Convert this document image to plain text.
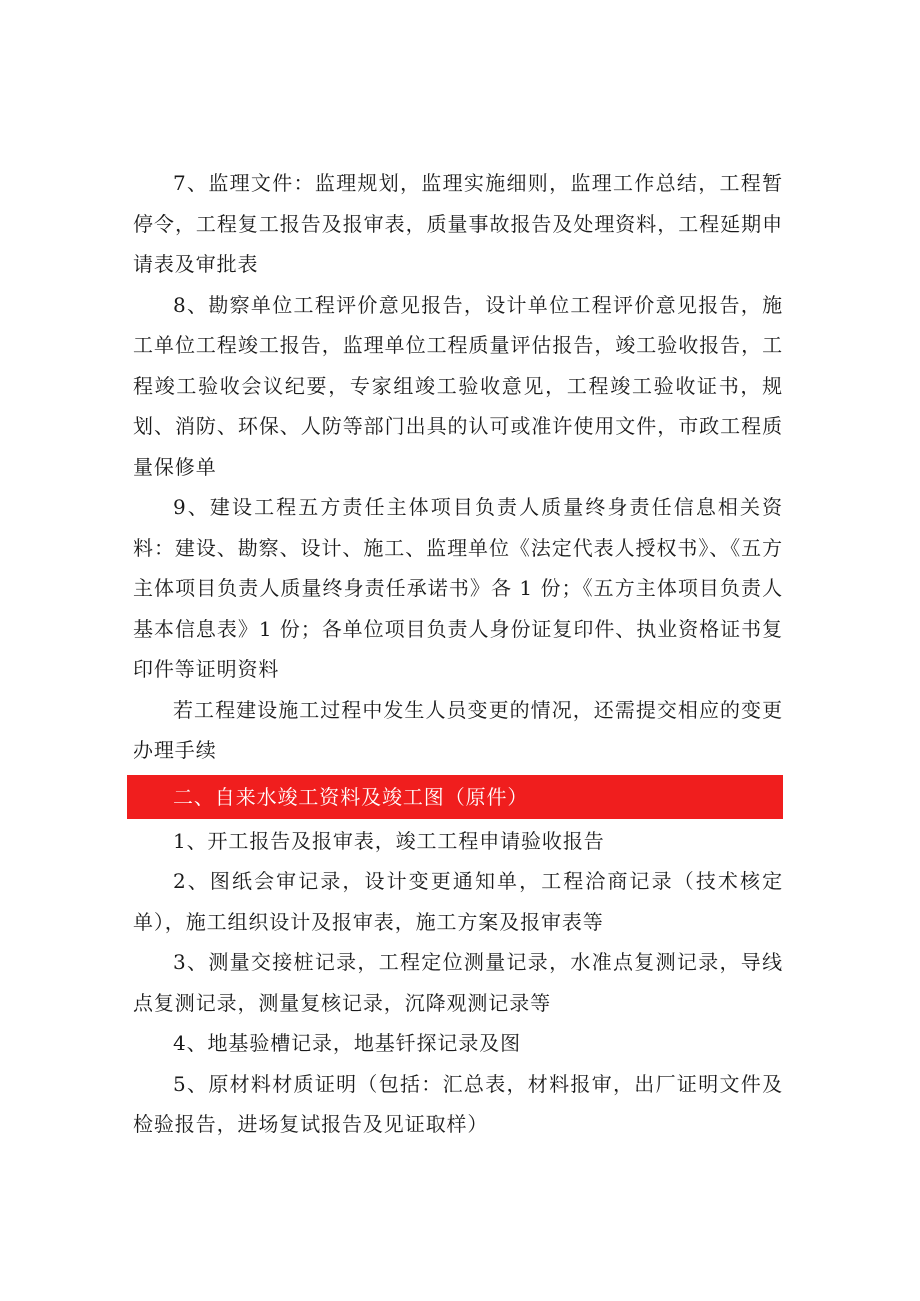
7、监理文件：监理规划，监理实施细则，监理工作总结，工程暂停令，工程复工报告及报审表，质量事故报告及处理资料，工程延期申请表及审批表

8、勘察单位工程评价意见报告，设计单位工程评价意见报告，施工单位工程竣工报告，监理单位工程质量评估报告，竣工验收报告，工程竣工验收会议纪要，专家组竣工验收意见，工程竣工验收证书，规划、消防、环保、人防等部门出具的认可或准许使用文件，市政工程质量保修单

9、建设工程五方责任主体项目负责人质量终身责任信息相关资料：建设、勘察、设计、施工、监理单位《法定代表人授权书》、《五方主体项目负责人质量终身责任承诺书》各 1 份；《五方主体项目负责人基本信息表》1 份；各单位项目负责人身份证复印件、执业资格证书复印件等证明资料

若工程建设施工过程中发生人员变更的情况，还需提交相应的变更办理手续

二、自来水竣工资料及竣工图（原件）

1、开工报告及报审表，竣工工程申请验收报告

2、图纸会审记录，设计变更通知单，工程洽商记录（技术核定单），施工组织设计及报审表，施工方案及报审表等

3、测量交接桩记录，工程定位测量记录，水准点复测记录，导线点复测记录，测量复核记录，沉降观测记录等

4、地基验槽记录，地基钎探记录及图

5、原材料材质证明（包括：汇总表，材料报审，出厂证明文件及检验报告，进场复试报告及见证取样）
